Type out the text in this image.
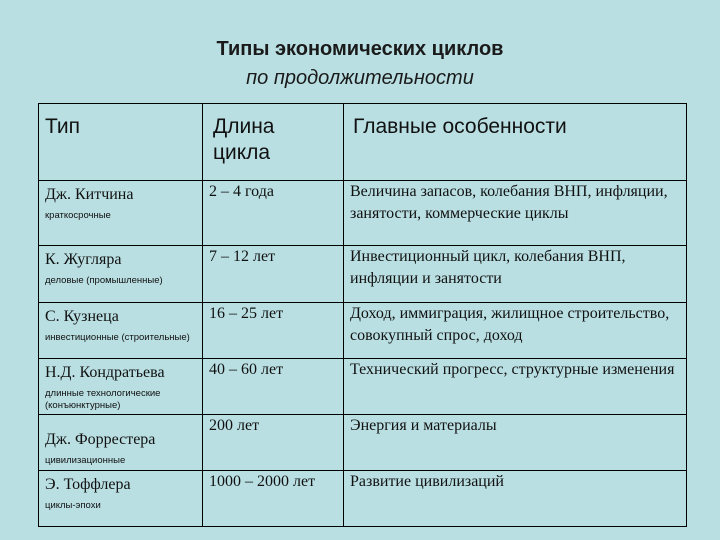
Типы экономических циклов
по продолжительности
Тип	Длина цикла	Главные особенности

Дж. Китчина
краткосрочные	2 – 4 года	Величина запасов, колебания ВНП, инфляции, занятости, коммерческие циклы

К. Жугляра
деловые (промышленные)	7 – 12 лет	Инвестиционный цикл, колебания ВНП, инфляции и занятости

С. Кузнеца
инвестиционные (строительные)	16 – 25 лет	Доход, иммиграция, жилищное строительство, совокупный спрос, доход

Н.Д. Кондратьева
длинные технологические (конъюнктурные)	40 – 60 лет	Технический прогресс, структурные изменения

Дж. Форрестера
цивилизационные	200 лет	Энергия и материалы

Э. Тоффлера
циклы-эпохи	1000 – 2000 лет	Развитие цивилизаций
